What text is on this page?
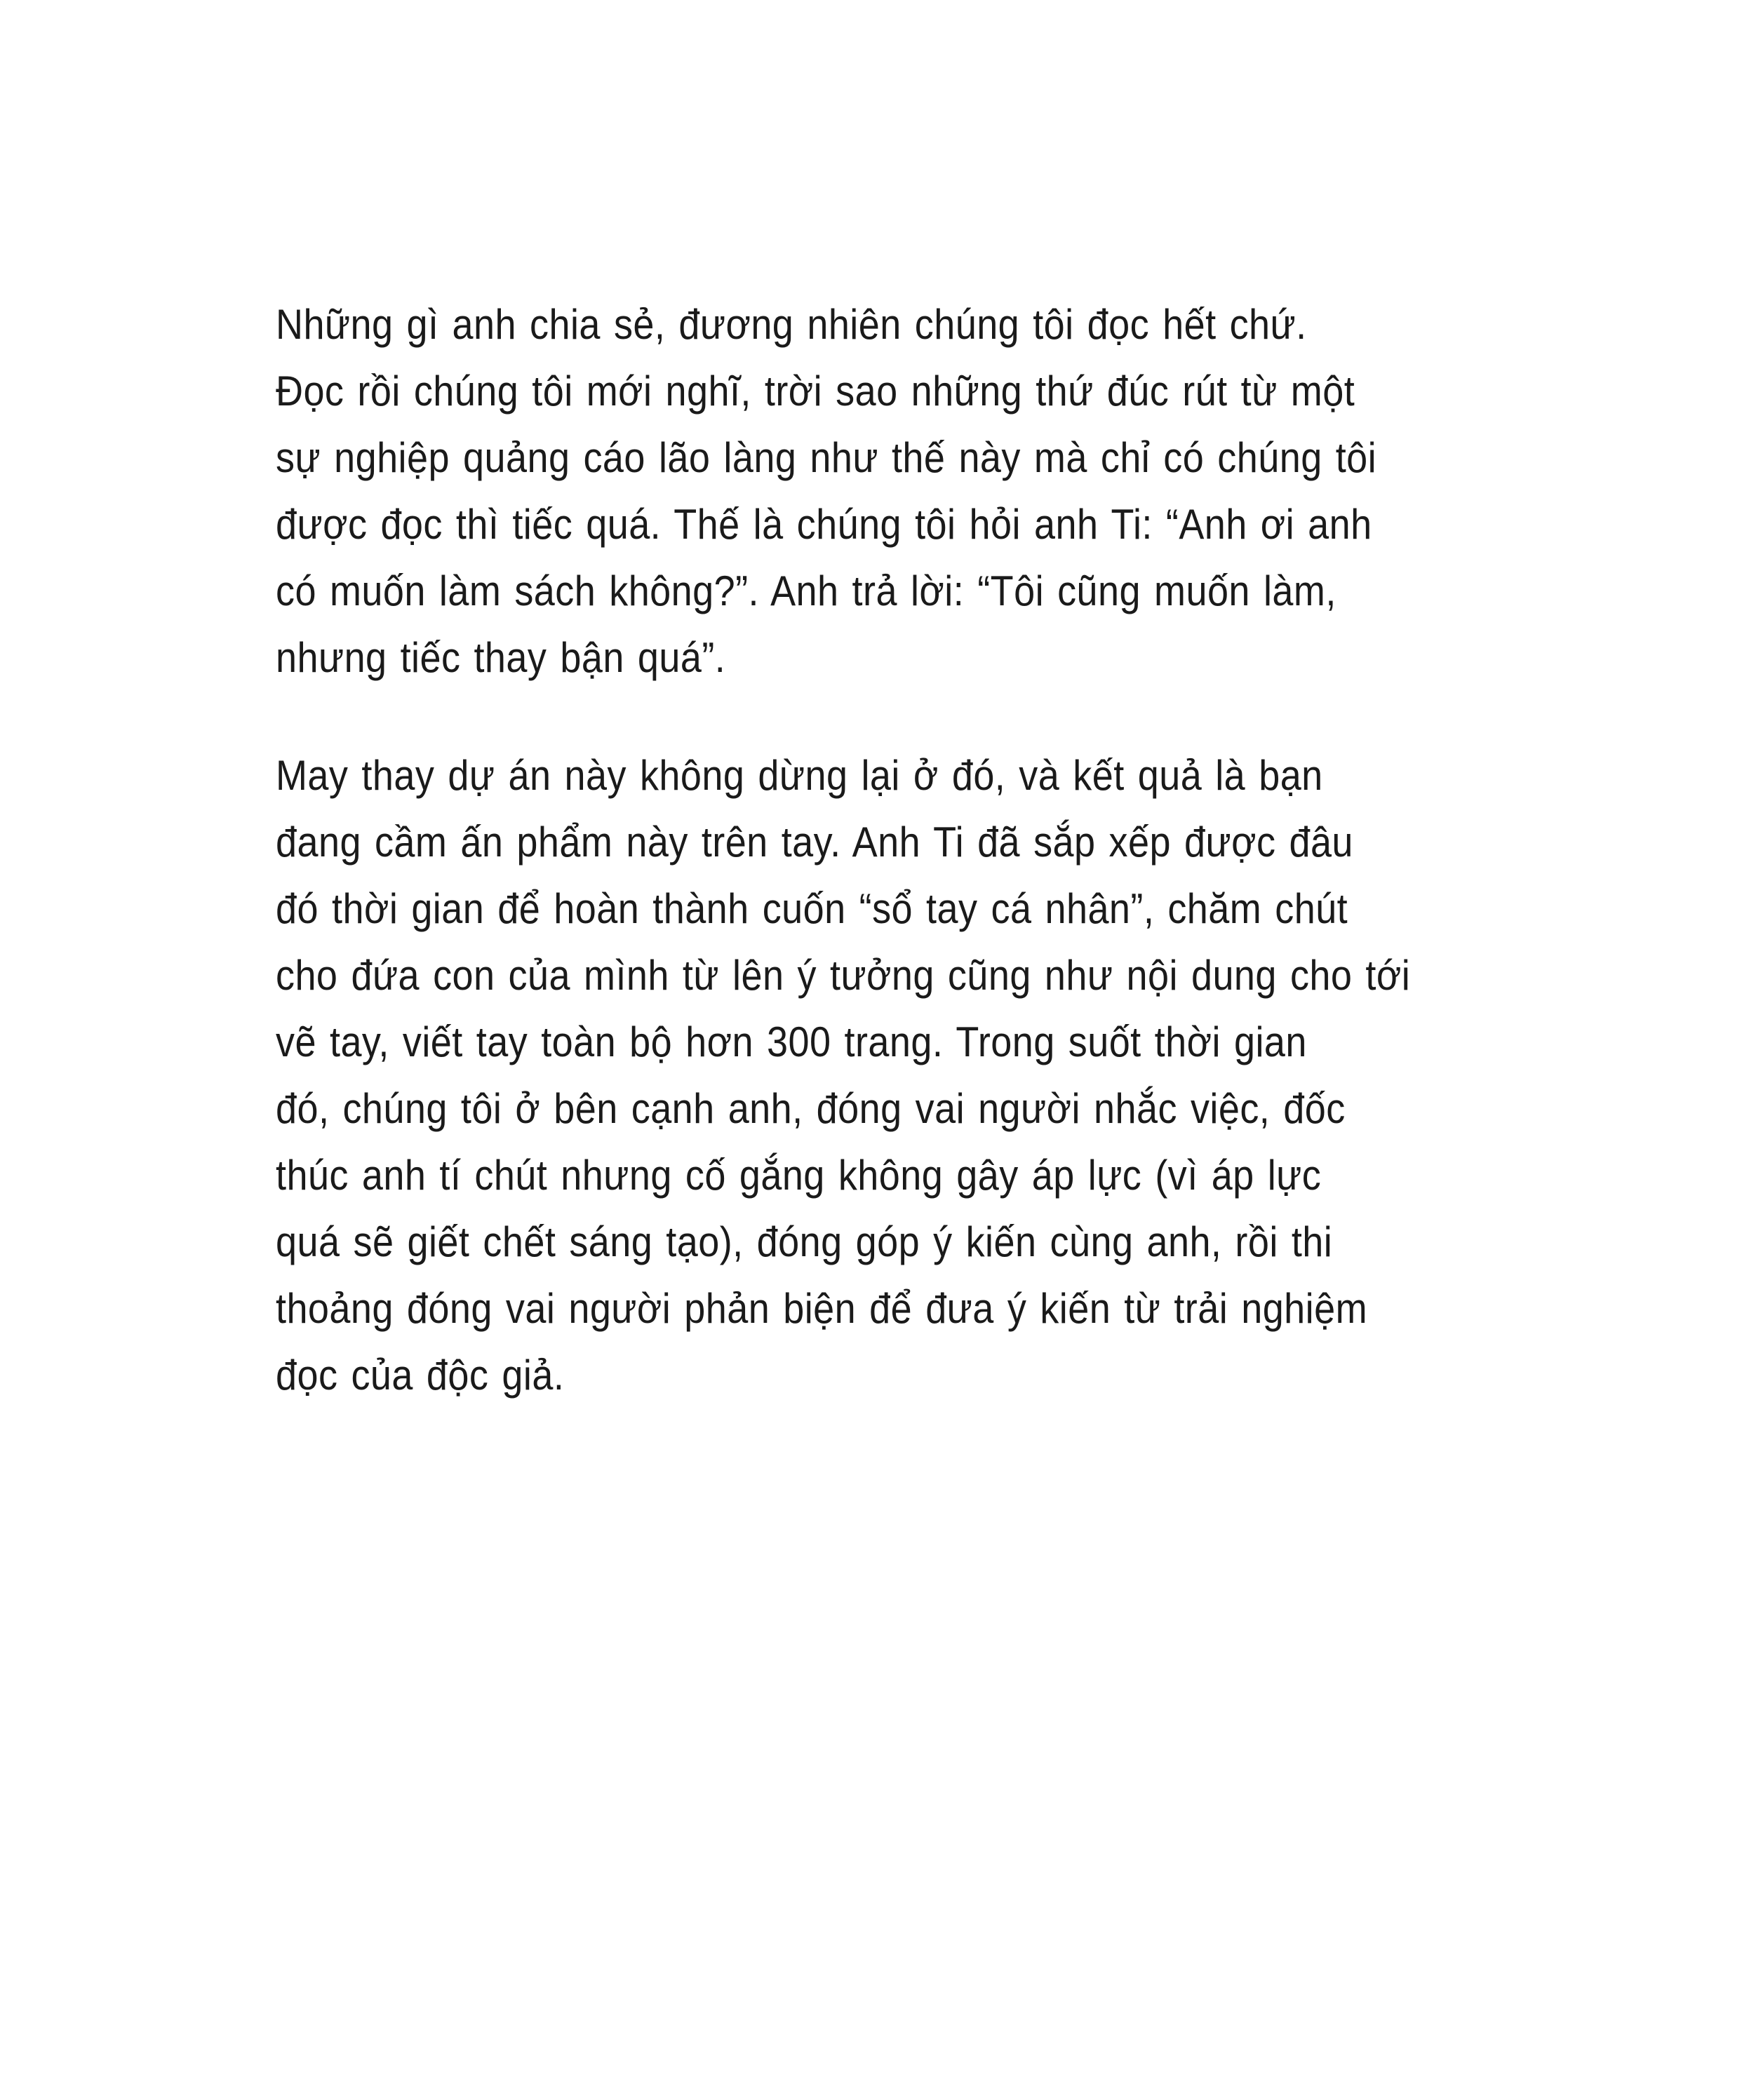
Những gì anh chia sẻ, đương nhiên chúng tôi đọc hết chứ.
Đọc rồi chúng tôi mới nghĩ, trời sao những thứ đúc rút từ một
sự nghiệp quảng cáo lão làng như thế này mà chỉ có chúng tôi
được đọc thì tiếc quá. Thế là chúng tôi hỏi anh Ti: “Anh ơi anh
có muốn làm sách không?”. Anh trả lời: “Tôi cũng muốn làm,
nhưng tiếc thay bận quá”.
May thay dự án này không dừng lại ở đó, và kết quả là bạn
đang cầm ấn phẩm này trên tay. Anh Ti đã sắp xếp được đâu
đó thời gian để hoàn thành cuốn “sổ tay cá nhân”, chăm chút
cho đứa con của mình từ lên ý tưởng cũng như nội dung cho tới
vẽ tay, viết tay toàn bộ hơn 300 trang. Trong suốt thời gian
đó, chúng tôi ở bên cạnh anh, đóng vai người nhắc việc, đốc
thúc anh tí chút nhưng cố gắng không gây áp lực (vì áp lực
quá sẽ giết chết sáng tạo), đóng góp ý kiến cùng anh, rồi thi
thoảng đóng vai người phản biện để đưa ý kiến từ trải nghiệm
đọc của độc giả.
